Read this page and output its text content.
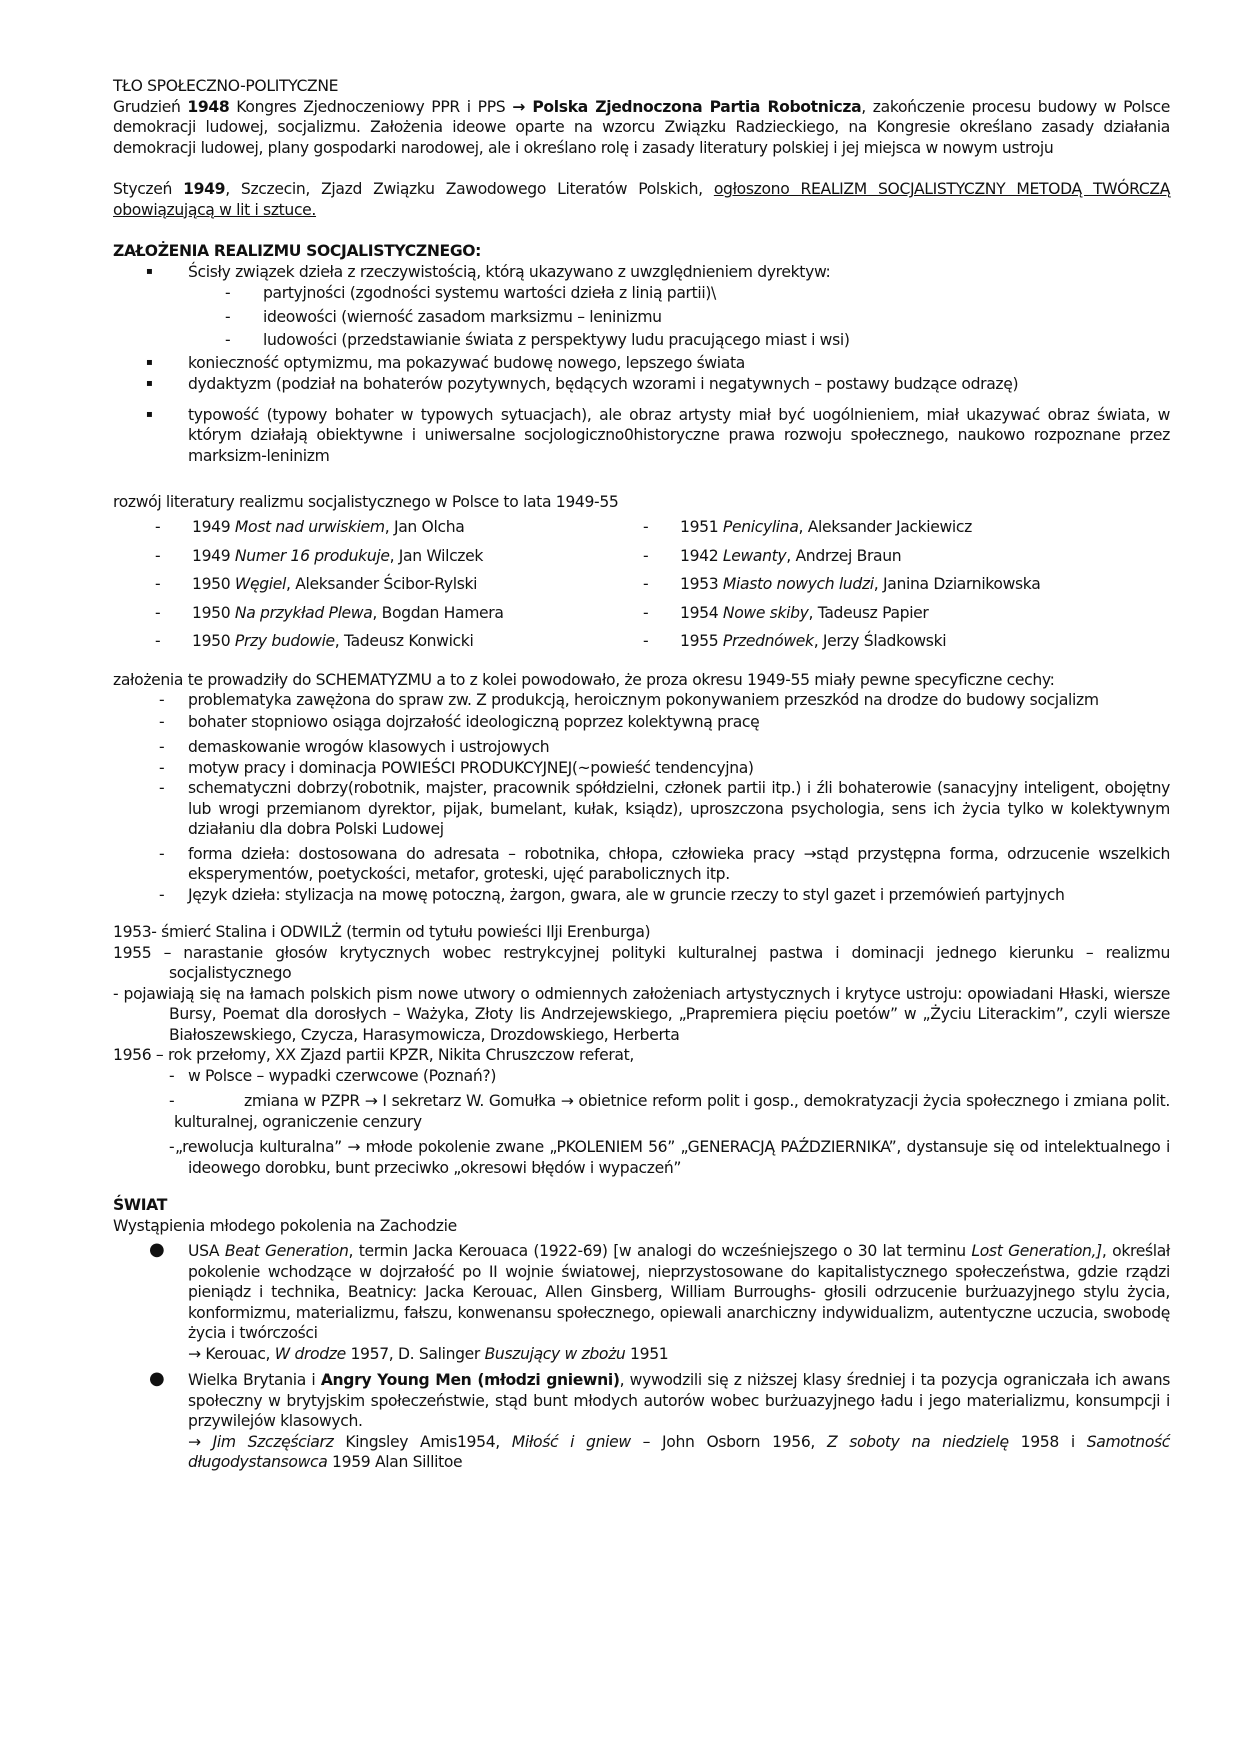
TŁO SPOŁECZNO-POLITYCZNE

Grudzień 1948 Kongres Zjednoczeniowy PPR i PPS → Polska Zjednoczona Partia Robotnicza, zakończenie procesu budowy w Polsce demokracji ludowej, socjalizmu. Założenia ideowe oparte na wzorcu Związku Radzieckiego, na Kongresie określano zasady działania demokracji ludowej, plany gospodarki narodowej, ale i określano rolę i zasady literatury polskiej i jej miejsca w nowym ustroju

Styczeń 1949, Szczecin, Zjazd Związku Zawodowego Literatów Polskich, ogłoszono REALIZM SOCJALISTYCZNY METODĄ TWÓRCZĄ obowiązującą w lit i sztuce.

ZAŁOŻENIA REALIZMU SOCJALISTYCZNEGO:

▪ Ścisły związek dzieła z rzeczywistością, którą ukazywano z uwzględnieniem dyrektyw:

- partyjności (zgodności systemu wartości dzieła z linią partii)\

- ideowości (wierność zasadom marksizmu – leninizmu

- ludowości (przedstawianie świata z perspektywy ludu pracującego miast i wsi)

▪ konieczność optymizmu, ma pokazywać budowę nowego, lepszego świata

▪ dydaktyzm (podział na bohaterów pozytywnych, będących wzorami i negatywnych – postawy budzące odrazę)

▪ typowość (typowy bohater w typowych sytuacjach), ale obraz artysty miał być uogólnieniem, miał ukazywać obraz świata, w którym działają obiektywne i uniwersalne socjologiczno0historyczne prawa rozwoju społecznego, naukowo rozpoznane przez marksizm-leninizm

rozwój literatury realizmu socjalistycznego w Polsce to lata 1949-55

- 1949 Most nad urwiskiem, Jan Olcha
- 1949 Numer 16 produkuje, Jan Wilczek
- 1950 Węgiel, Aleksander Ścibor-Rylski
- 1950 Na przykład Plewa, Bogdan Hamera
- 1950 Przy budowie, Tadeusz Konwicki
- 1951 Penicylina, Aleksander Jackiewicz
- 1942 Lewanty, Andrzej Braun
- 1953 Miasto nowych ludzi, Janina Dziarnikowska
- 1954 Nowe skiby, Tadeusz Papier
- 1955 Przednówek, Jerzy Śladkowski

założenia te prowadziły do SCHEMATYZMU a to z kolei powodowało, że proza okresu 1949-55 miały pewne specyficzne cechy:

- problematyka zawężona do spraw zw. Z produkcją, heroicznym pokonywaniem przeszkód na drodze do budowy socjalizm

- bohater stopniowo osiąga dojrzałość ideologiczną poprzez kolektywną pracę

- demaskowanie wrogów klasowych i ustrojowych

- motyw pracy i dominacja POWIEŚCI PRODUKCYJNEJ(~powieść tendencyjna)

- schematyczni dobrzy(robotnik, majster, pracownik spółdzielni, członek partii itp.) i źli bohaterowie (sanacyjny inteligent, obojętny lub wrogi przemianom dyrektor, pijak, bumelant, kułak, ksiądz), uproszczona psychologia, sens ich życia tylko w kolektywnym działaniu dla dobra Polski Ludowej

- forma dzieła: dostosowana do adresata – robotnika, chłopa, człowieka pracy →stąd przystępna forma, odrzucenie wszelkich eksperymentów, poetyckości, metafor, groteski, ujęć parabolicznych itp.

- Język dzieła: stylizacja na mowę potoczną, żargon, gwara, ale w gruncie rzeczy to styl gazet i przemówień partyjnych

1953- śmierć Stalina i ODWILŻ (termin od tytułu powieści Ilji Erenburga)

1955 – narastanie głosów krytycznych wobec restrykcyjnej polityki kulturalnej pastwa i dominacji jednego kierunku – realizmu socjalistycznego

- pojawiają się na łamach polskich pism nowe utwory o odmiennych założeniach artystycznych i krytyce ustroju: opowiadani Hłaski, wiersze Bursy, Poemat dla dorosłych – Ważyka, Złoty lis Andrzejewskiego, „Prapremiera pięciu poetów” w „Życiu Literackim”, czyli wiersze Białoszewskiego, Czycza, Harasymowicza, Drozdowskiego, Herberta

1956 – rok przełomy, XX Zjazd partii KPZR, Nikita Chruszczow referat,

- w Polsce – wypadki czerwcowe (Poznań?)

-	zmiana w PZPR → I sekretarz W. Gomułka → obietnice reform polit i gosp., demokratyzacji życia społecznego i zmiana polit. kulturalnej, ograniczenie cenzury

- „rewolucja kulturalna” → młode pokolenie zwane „PKOLENIEM 56” „GENERACJĄ PAŹDZIERNIKA”, dystansuje się od intelektualnego i ideowego dorobku, bunt przeciwko „okresowi błędów i wypaczeń”

ŚWIAT

Wystąpienia młodego pokolenia na Zachodzie

● USA Beat Generation, termin Jacka Kerouaca (1922-69) [w analogi do wcześniejszego o 30 lat terminu Lost Generation,], określał pokolenie wchodzące w dojrzałość po II wojnie światowej, nieprzystosowane do kapitalistycznego społeczeństwa, gdzie rządzi pieniądz i technika, Beatnicy: Jacka Kerouac, Allen Ginsberg, William Burroughs- głosili odrzucenie burżuazyjnego stylu życia, konformizmu, materializmu, fałszu, konwenansu społecznego, opiewali anarchiczny indywidualizm, autentyczne uczucia, swobodę życia i twórczości

→ Kerouac, W drodze 1957, D. Salinger Buszujący w zbożu 1951

● Wielka Brytania i Angry Young Men (młodzi gniewni), wywodzili się z niższej klasy średniej i ta pozycja ograniczała ich awans społeczny w brytyjskim społeczeństwie, stąd bunt młodych autorów wobec burżuazyjnego ładu i jego materializmu, konsumpcji i przywilejów klasowych.

→ Jim Szczęściarz Kingsley Amis1954, Miłość i gniew – John Osborn 1956, Z soboty na niedzielę 1958 i Samotność długodystansowca 1959 Alan Sillitoe
